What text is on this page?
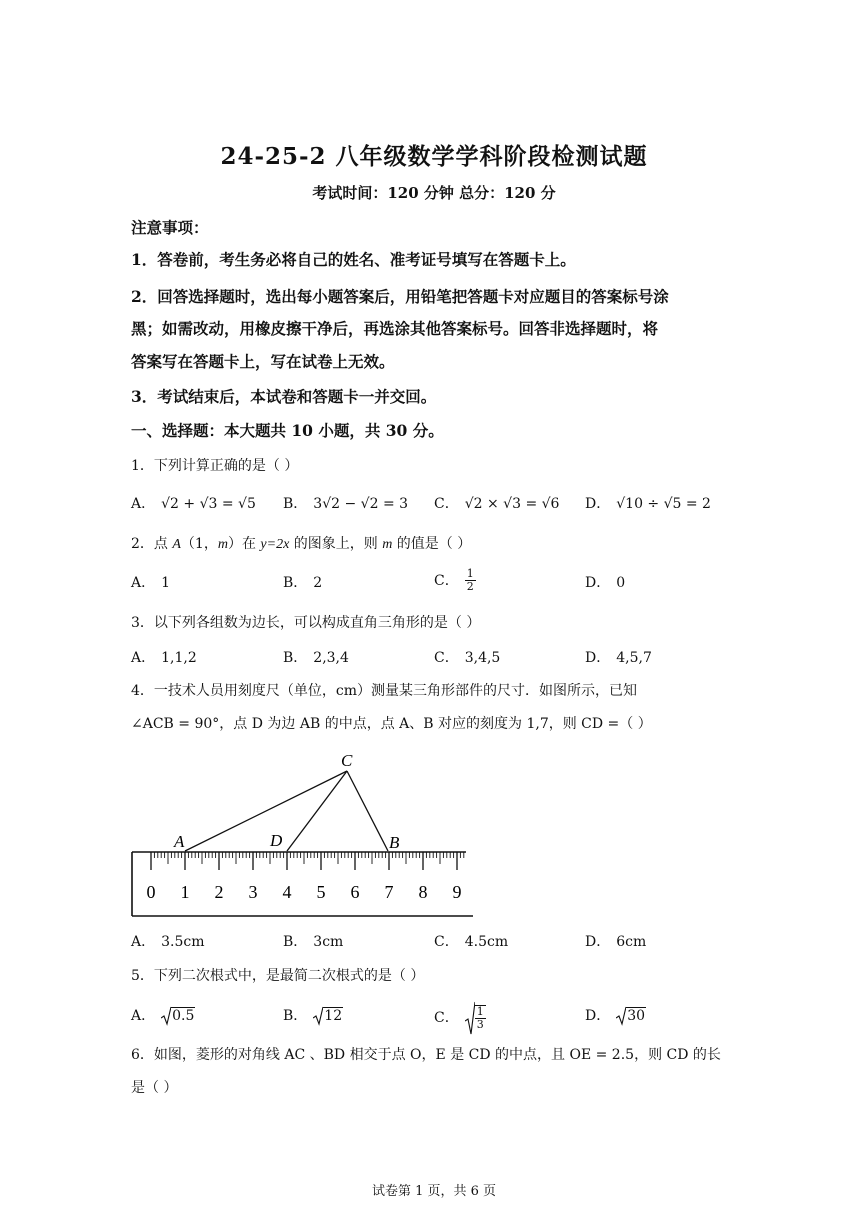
24-25-2 八年级数学学科阶段检测试题
考试时间：120 分钟 总分：120 分
注意事项：
1．答卷前，考生务必将自己的姓名、准考证号填写在答题卡上。
2．回答选择题时，选出每小题答案后，用铅笔把答题卡对应题目的答案标号涂
黑；如需改动，用橡皮擦干净后，再选涂其他答案标号。回答非选择题时，将
答案写在答题卡上，写在试卷上无效。
3．考试结束后，本试卷和答题卡一并交回。
一、选择题：本大题共 10 小题，共 30 分。
1．下列计算正确的是（ ）
A． √2 + √3 = √5 B． 3√2 − √2 = 3 C． √2 × √3 = √6 D． √10 ÷ √5 = 2
2．点 A（1，m）在 y=2x 的图象上，则 m 的值是（ ）
A． 1	B． 2	C． $\frac{1}{2}$	D． 0
3．以下列各组数为边长，可以构成直角三角形的是（ ）
A． 1,1,2	B． 2,3,4	C． 3,4,5	D． 4,5,7
4．一技术人员用刻度尺（单位，cm）测量某三角形部件的尺寸．如图所示，已知
∠ACB = 90°，点 D 为边 AB 的中点，点 A、B 对应的刻度为 1,7，则 CD =（ ）
0 1 2 3 4 5 6 7 8 9
C
A	D	B
A． 3.5cm	B． 3cm	C． 4.5cm	D． 6cm
5．下列二次根式中，是最简二次根式的是（ ）
A． 0.5	B． 12	C． $\frac{1}{3}$	D． 30
6．如图，菱形的对角线 AC 、BD 相交于点 O，E 是 CD 的中点，且 OE = 2.5，则 CD 的长
是（ ）
试卷第 1 页，共 6 页
